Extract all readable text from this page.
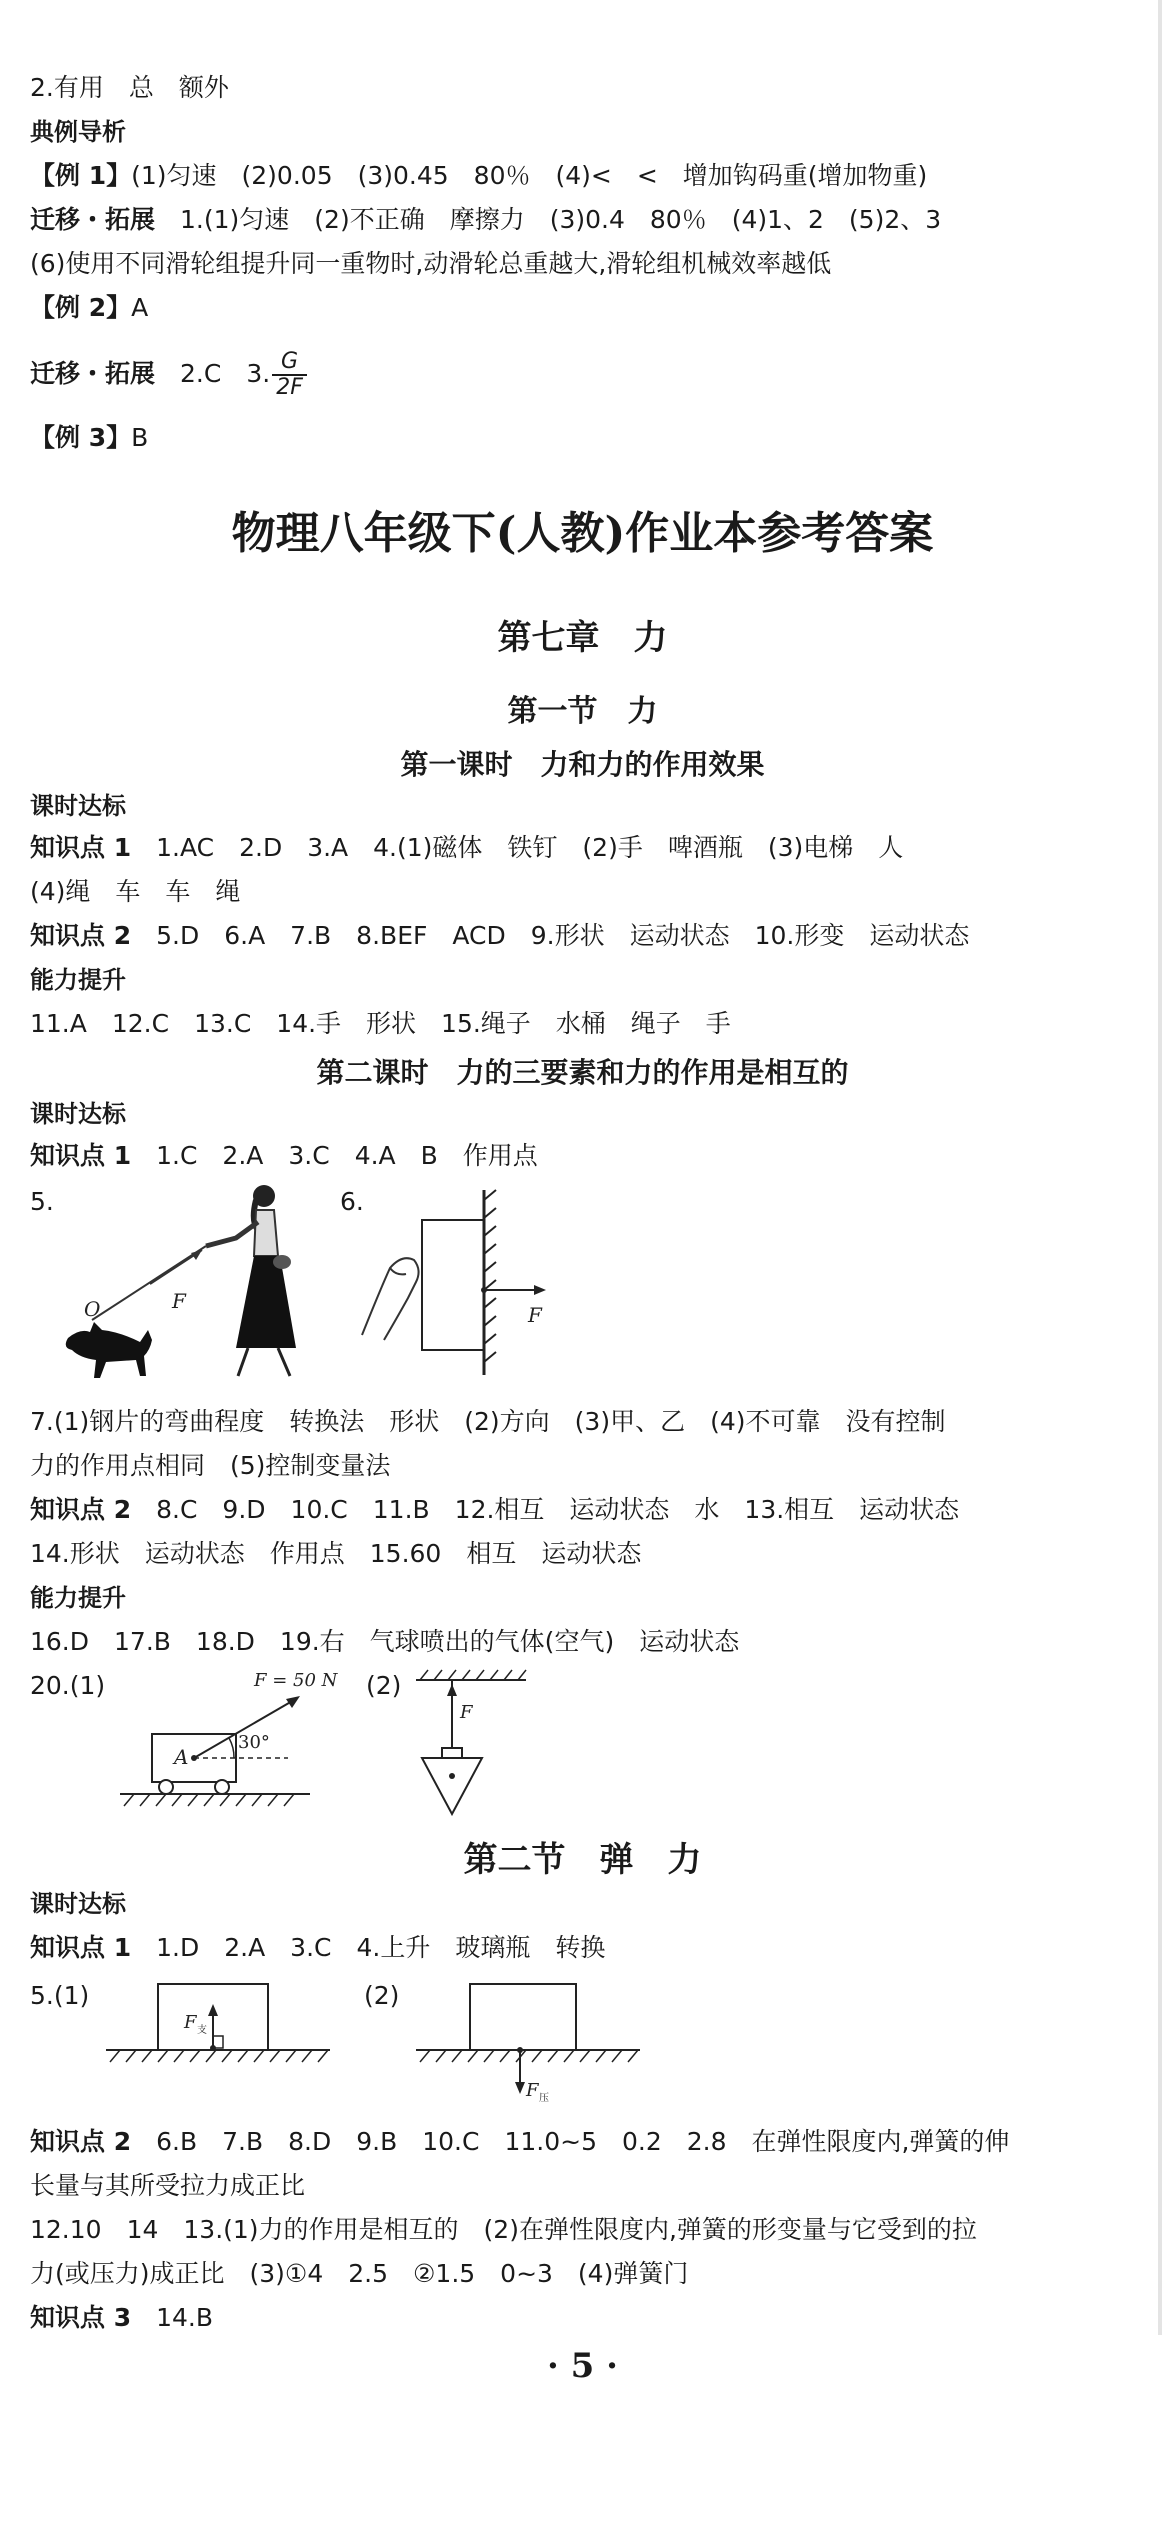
2.有用　总　额外
典例导析
【例 1】(1)匀速　(2)0.05　(3)0.45　80％　(4)<　<　增加钩码重(增加物重)
迁移・拓展　 1.(1)匀速　(2)不正确　摩擦力　(3)0.4　80％　(4)1、2　(5)2、3
(6)使用不同滑轮组提升同一重物时,动滑轮总重越大,滑轮组机械效率越低
【例 2】A
迁移・拓展　 2.C　3. $\frac{G}{2F}$
【例 3】B
物理八年级下(人教)作业本参考答案
第七章　力
第一节　力
第一课时　力和力的作用效果
课时达标
知识点 1　 1.AC　2.D　3.A　4.(1)磁体　铁钉　(2)手　啤酒瓶　(3)电梯　人
(4)绳　车　车　绳
知识点 2　 5.D　6.A　7.B　8.BEF　ACD　9.形状　运动状态　10.形变　运动状态
能力提升
11.A　12.C　13.C　14.手　形状　15.绳子　水桶　绳子　手
第二课时　力的三要素和力的作用是相互的
课时达标
知识点 1　 1.C　2.A　3.C　4.A　B　作用点
5.
F
O
6.
F
7.(1)钢片的弯曲程度　转换法　形状　(2)方向　(3)甲、乙　(4)不可靠　没有控制
力的作用点相同　(5)控制变量法
知识点 2　 8.C　9.D　10.C　11.B　12.相互　运动状态　水　13.相互　运动状态
14.形状　运动状态　作用点　15.60　相互　运动状态
能力提升
16.D　17.B　18.D　19.右　气球喷出的气体(空气)　运动状态
20.(1)
A
30°
F = 50 N (2)
F
第二节　弹　力
课时达标
知识点 1　 1.D　2.A　3.C　4.上升　玻璃瓶　转换
5.(1)
F 支
(2)
F 压
知识点 2　 6.B　7.B　8.D　9.B　10.C　11.0~5　0.2　2.8　在弹性限度内,弹簧的伸
长量与其所受拉力成正比
12.10　14　13.(1)力的作用是相互的　(2)在弹性限度内,弹簧的形变量与它受到的拉
力(或压力)成正比　(3)①4　2.5　②1.5　0~3　(4)弹簧门
知识点 3　 14.B
· 5 ·
